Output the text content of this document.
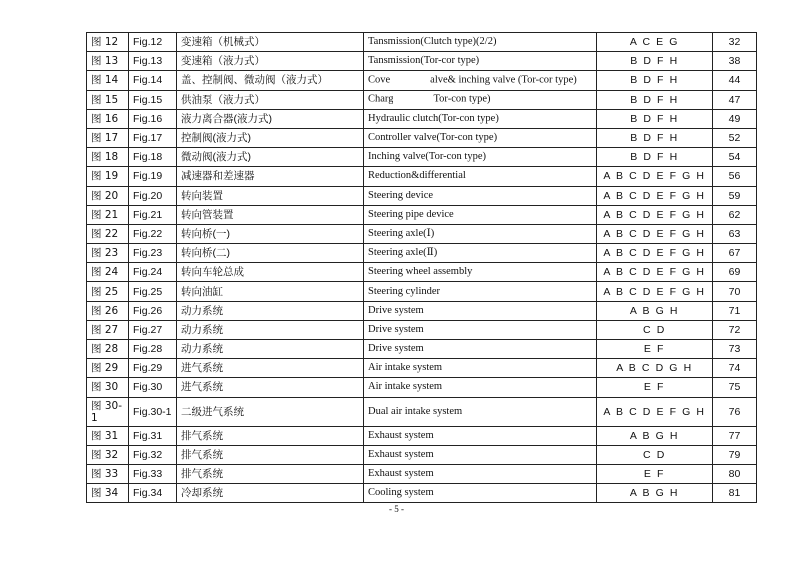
图 12	Fig.12	变速箱（机械式）	Tansmission(Clutch type)(2/2)	A C E G	32
图 13	Fig.13	变速箱（液力式）	Tansmission(Tor-cor type)	B D F H	38
图 14	Fig.14	盖、控制阀、微动阀（液力式）	Cove alve& inching valve (Tor-cor type)	B D F H	44
图 15	Fig.15	供油泵（液力式）	Charg Tor-con type)	B D F H	47
图 16	Fig.16	液力离合器(液力式)	Hydraulic clutch(Tor-con type)	B D F H	49
图 17	Fig.17	控制阀(液力式)	Controller valve(Tor-con type)	B D F H	52
图 18	Fig.18	微动阀(液力式)	Inching valve(Tor-con type)	B D F H	54
图 19	Fig.19	减速器和差速器	Reduction&differential	A B C D E F G H	56
图 20	Fig.20	转向装置	Steering device	A B C D E F G H	59
图 21	Fig.21	转向管装置	Steering pipe device	A B C D E F G H	62
图 22	Fig.22	转向桥(一)	Steering axle(Ⅰ)	A B C D E F G H	63
图 23	Fig.23	转向桥(二)	Steering axle(Ⅱ)	A B C D E F G H	67
图 24	Fig.24	转向车轮总成	Steering wheel assembly	A B C D E F G H	69
图 25	Fig.25	转向油缸	Steering cylinder	A B C D E F G H	70
图 26	Fig.26	动力系统	Drive system	A B G H	71
图 27	Fig.27	动力系统	Drive system	C D	72
图 28	Fig.28	动力系统	Drive system	E F	73
图 29	Fig.29	进气系统	Air intake system	A B C D G H	74
图 30	Fig.30	进气系统	Air intake system	E F	75
图 30-1	Fig.30-1	二级进气系统	Dual air intake system	A B C D E F G H	76
图 31	Fig.31	排气系统	Exhaust system	A B G H	77
图 32	Fig.32	排气系统	Exhaust system	C D	79
图 33	Fig.33	排气系统	Exhaust system	E F	80
图 34	Fig.34	冷却系统	Cooling system	A B G H	81
- 5 -
